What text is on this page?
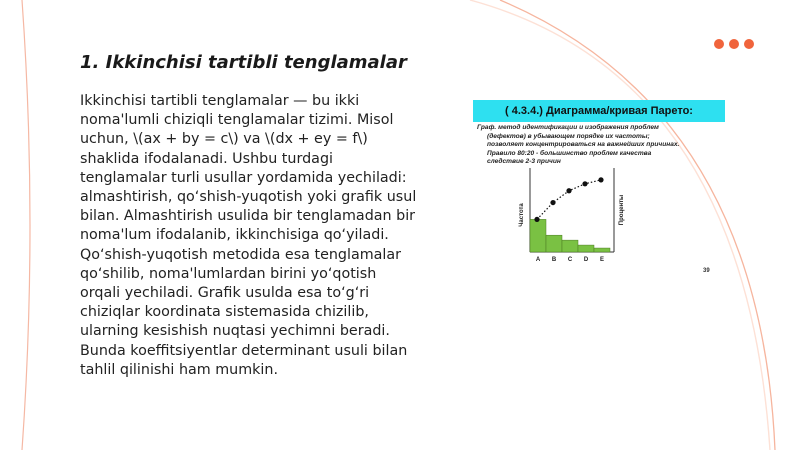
1. Ikkinchisi tartibli tenglamalar

Ikkinchisi tartibli tenglamalar — bu ikki noma'lumli chiziqli tenglamalar tizimi. Misol uchun, \(ax + by = c\) va \(dx + ey = f\) shaklida ifodalanadi. Ushbu turdagi tenglamalar turli usullar yordamida yechiladi: almashtirish, qo‘shish-yuqotish yoki grafik usul bilan. Almashtirish usulida bir tenglamadan bir noma'lum ifodalanib, ikkinchisiga qo‘yiladi. Qo‘shish-yuqotish metodida esa tenglamalar qo‘shilib, noma'lumlardan birini yo‘qotish orqali yechiladi. Grafik usulda esa to‘g‘ri chiziqlar koordinata sistemasida chizilib, ularning kesishish nuqtasi yechimni beradi. Bunda koeffitsiyentlar determinant usuli bilan tahlil qilinishi ham mumkin.

( 4.3.4.) Диаграмма/кривая Парето:
Граф. метод идентификации и изображения проблем
(дефектов) в убывающем порядке их частоты;
позволяет концентрироваться на важнейших причинах.
Правило 80:20 - большинство проблем качества
следствие 2-3 причин
A B C D E
Частота	Проценты
39
